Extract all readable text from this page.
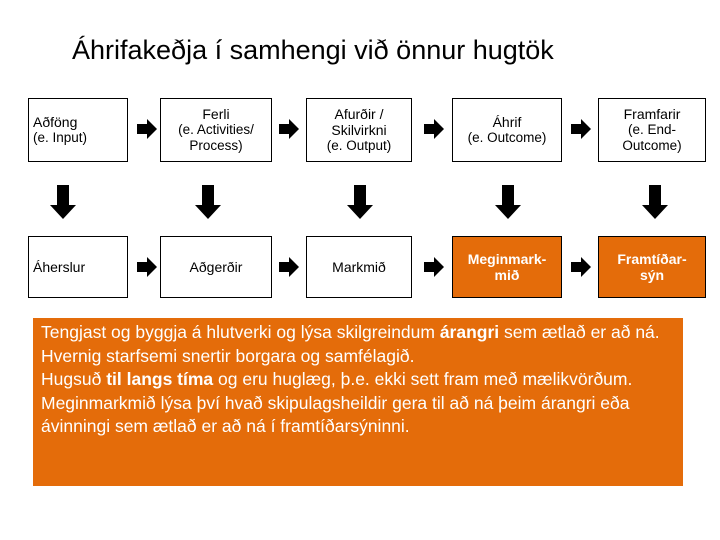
Áhrifakeðja í samhengi við önnur hugtök
Aðföng
(e. Input)
Ferli
(e. Activities/ Process)
Afurðir / Skilvirkni
(e. Output)
Áhrif
(e. Outcome)
Framfarir
(e. End-Outcome)
Áherslur	Aðgerðir	Markmið	Meginmark-mið
Framtíðar-sýn

Tengjast og byggja á hlutverki og lýsa skilgreindum árangri sem ætlað er að ná. Hvernig starfsemi snertir borgara og samfélagið.

Hugsuð til langs tíma og eru huglæg, þ.e. ekki sett fram með mælikvörðum.

Meginmarkmið lýsa því hvað skipulagsheildir gera til að ná þeim árangri eða ávinningi sem ætlað er að ná í framtíðarsýninni.
